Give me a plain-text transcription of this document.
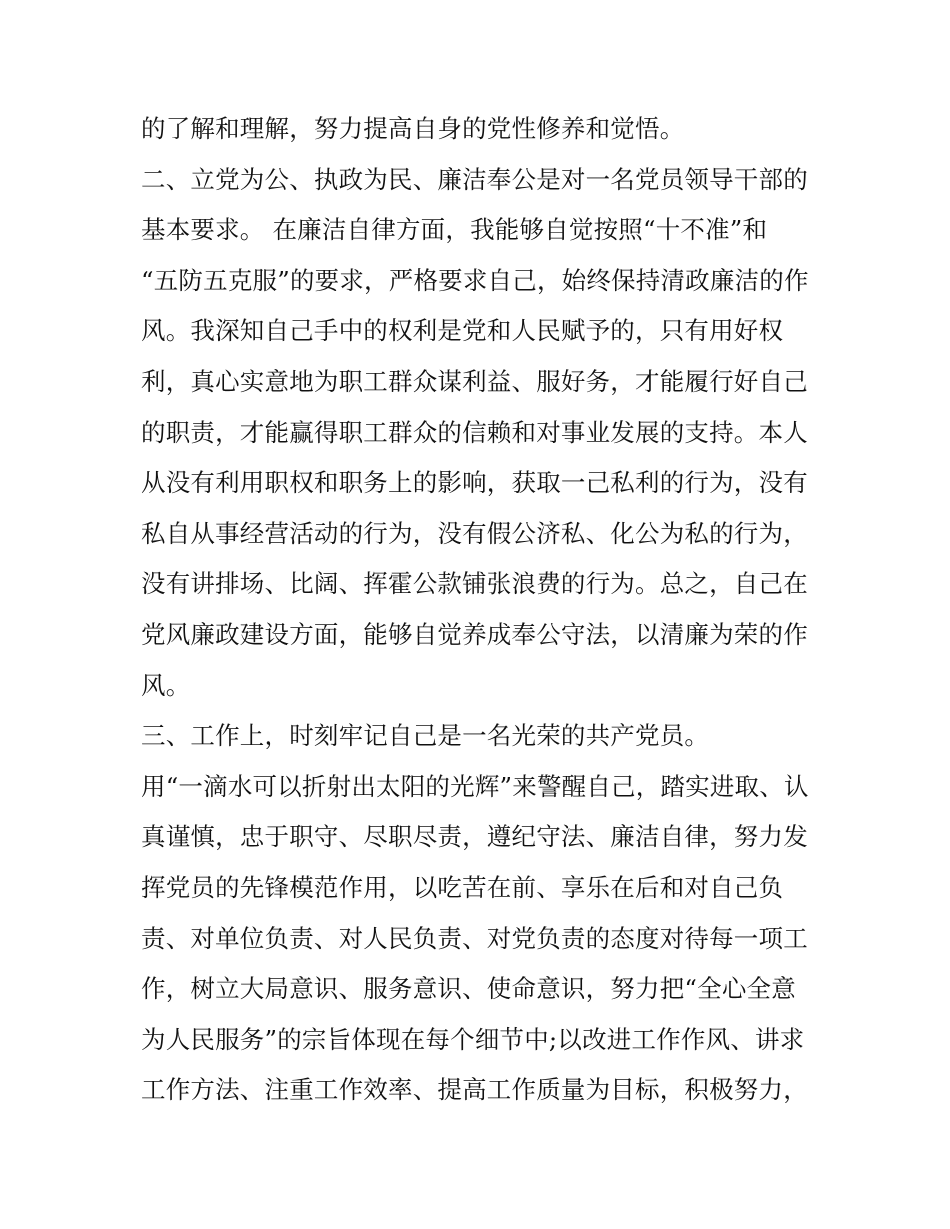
的了解和理解，努力提高自身的党性修养和觉悟。
二、立党为公、执政为民、廉洁奉公是对一名党员领导干部的
基本要求。 在廉洁自律方面，我能够自觉按照“十不准”和
“五防五克服”的要求，严格要求自己，始终保持清政廉洁的作
风。我深知自己手中的权利是党和人民赋予的，只有用好权
利，真心实意地为职工群众谋利益、服好务，才能履行好自己
的职责，才能赢得职工群众的信赖和对事业发展的支持。本人
从没有利用职权和职务上的影响，获取一己私利的行为，没有
私自从事经营活动的行为，没有假公济私、化公为私的行为，
没有讲排场、比阔、挥霍公款铺张浪费的行为。总之，自己在
党风廉政建设方面，能够自觉养成奉公守法，以清廉为荣的作
风。
三、工作上，时刻牢记自己是一名光荣的共产党员。
用“一滴水可以折射出太阳的光辉”来警醒自己，踏实进取、认
真谨慎，忠于职守、尽职尽责，遵纪守法、廉洁自律，努力发
挥党员的先锋模范作用，以吃苦在前、享乐在后和对自己负
责、对单位负责、对人民负责、对党负责的态度对待每一项工
作，树立大局意识、服务意识、使命意识，努力把“全心全意
为人民服务”的宗旨体现在每个细节中;以改进工作作风、讲求
工作方法、注重工作效率、提高工作质量为目标，积极努力，
